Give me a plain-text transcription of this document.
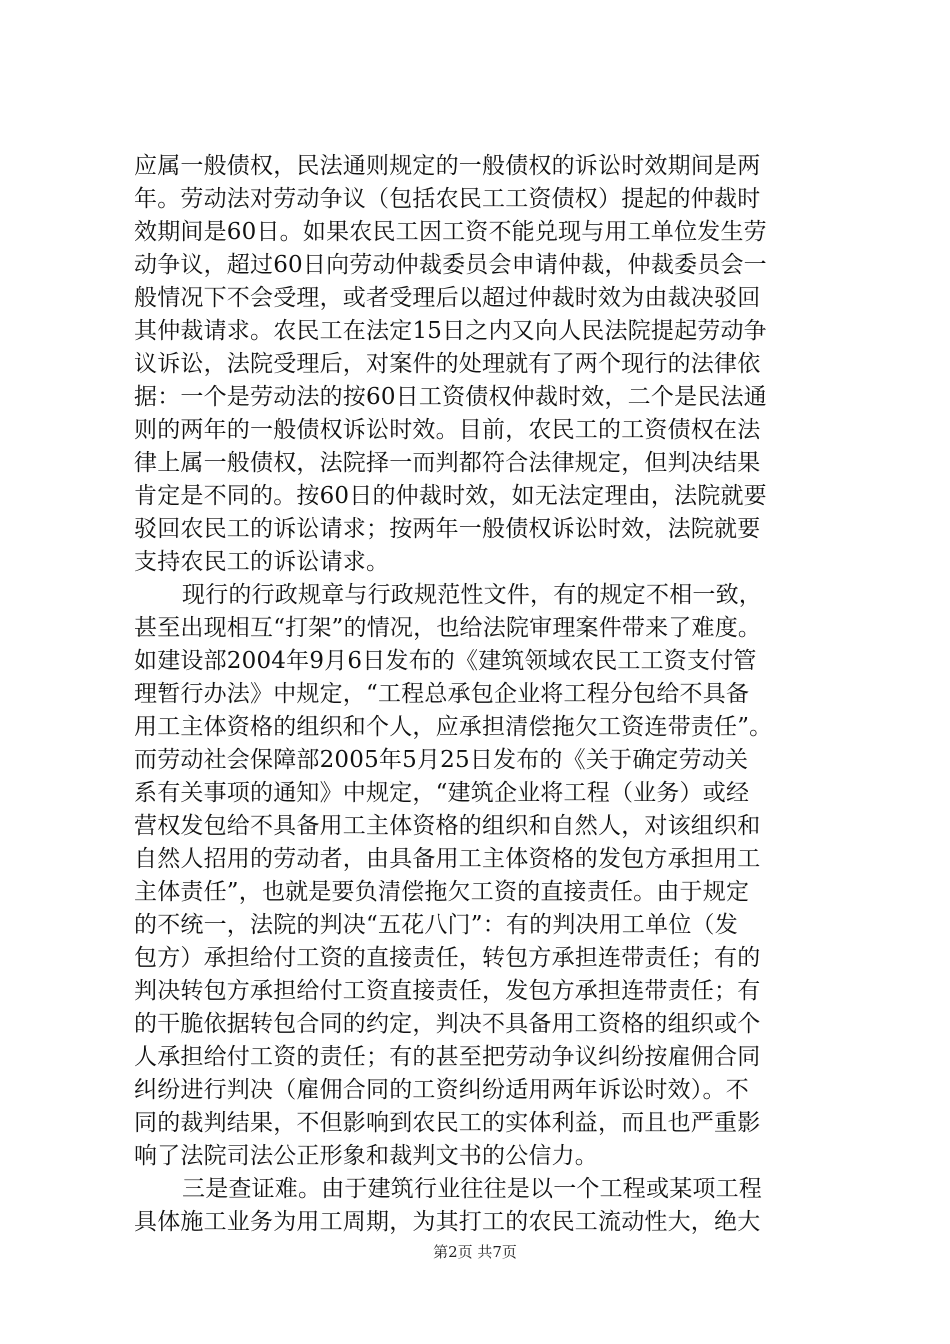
应属一般债权，民法通则规定的一般债权的诉讼时效期间是两
年。劳动法对劳动争议（包括农民工工资债权）提起的仲裁时
效期间是60日。如果农民工因工资不能兑现与用工单位发生劳
动争议，超过60日向劳动仲裁委员会申请仲裁，仲裁委员会一
般情况下不会受理，或者受理后以超过仲裁时效为由裁决驳回
其仲裁请求。农民工在法定15日之内又向人民法院提起劳动争
议诉讼，法院受理后，对案件的处理就有了两个现行的法律依
据：一个是劳动法的按60日工资债权仲裁时效，二个是民法通
则的两年的一般债权诉讼时效。目前，农民工的工资债权在法
律上属一般债权，法院择一而判都符合法律规定，但判决结果
肯定是不同的。按60日的仲裁时效，如无法定理由，法院就要
驳回农民工的诉讼请求；按两年一般债权诉讼时效，法院就要
支持农民工的诉讼请求。
现行的行政规章与行政规范性文件，有的规定不相一致，
甚至出现相互“打架”的情况，也给法院审理案件带来了难度。
如建设部2004年9月6日发布的《建筑领域农民工工资支付管
理暂行办法》中规定，“工程总承包企业将工程分包给不具备
用工主体资格的组织和个人，应承担清偿拖欠工资连带责任”。
而劳动社会保障部2005年5月25日发布的《关于确定劳动关
系有关事项的通知》中规定，“建筑企业将工程（业务）或经
营权发包给不具备用工主体资格的组织和自然人，对该组织和
自然人招用的劳动者，由具备用工主体资格的发包方承担用工
主体责任”，也就是要负清偿拖欠工资的直接责任。由于规定
的不统一，法院的判决“五花八门”：有的判决用工单位（发
包方）承担给付工资的直接责任，转包方承担连带责任；有的
判决转包方承担给付工资直接责任，发包方承担连带责任；有
的干脆依据转包合同的约定，判决不具备用工资格的组织或个
人承担给付工资的责任；有的甚至把劳动争议纠纷按雇佣合同
纠纷进行判决（雇佣合同的工资纠纷适用两年诉讼时效）。不
同的裁判结果，不但影响到农民工的实体利益，而且也严重影
响了法院司法公正形象和裁判文书的公信力。
三是查证难。由于建筑行业往往是以一个工程或某项工程
具体施工业务为用工周期，为其打工的农民工流动性大，绝大
第2页 共7页
